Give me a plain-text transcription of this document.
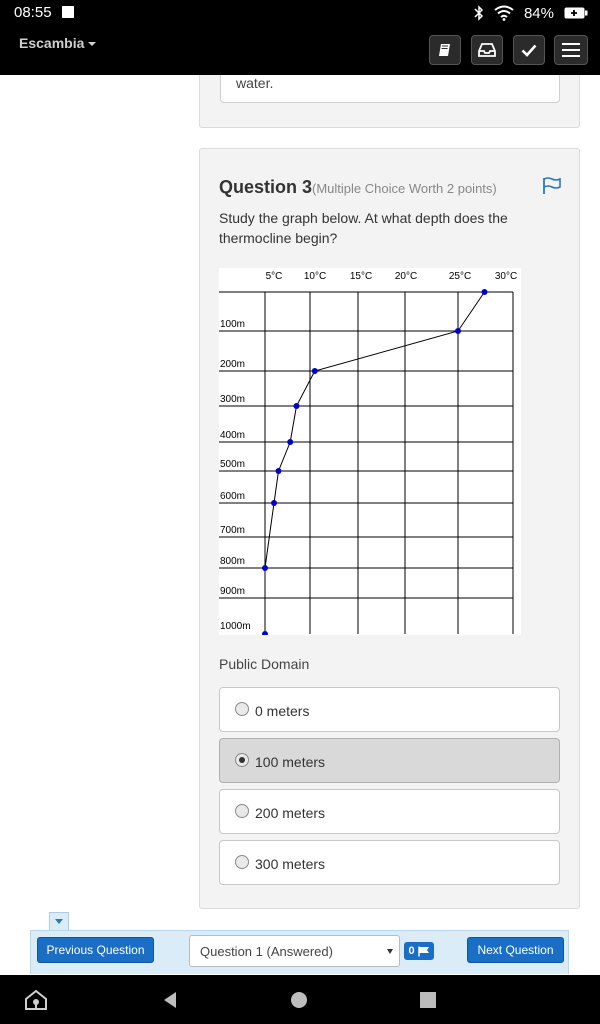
08:55	84%
Escambia
water.
Question 3(Multiple Choice Worth 2 points)
Study the graph below. At what depth does the thermocline begin?
5°C 10°C 15°C 20°C	25°C 30°C
100m
200m
300m
400m
500m
600m
700m
800m
900m
1000m
Public Domain
0 meters
100 meters
200 meters
300 meters
Previous Question	Question 1 (Answered)	0	Next Question
